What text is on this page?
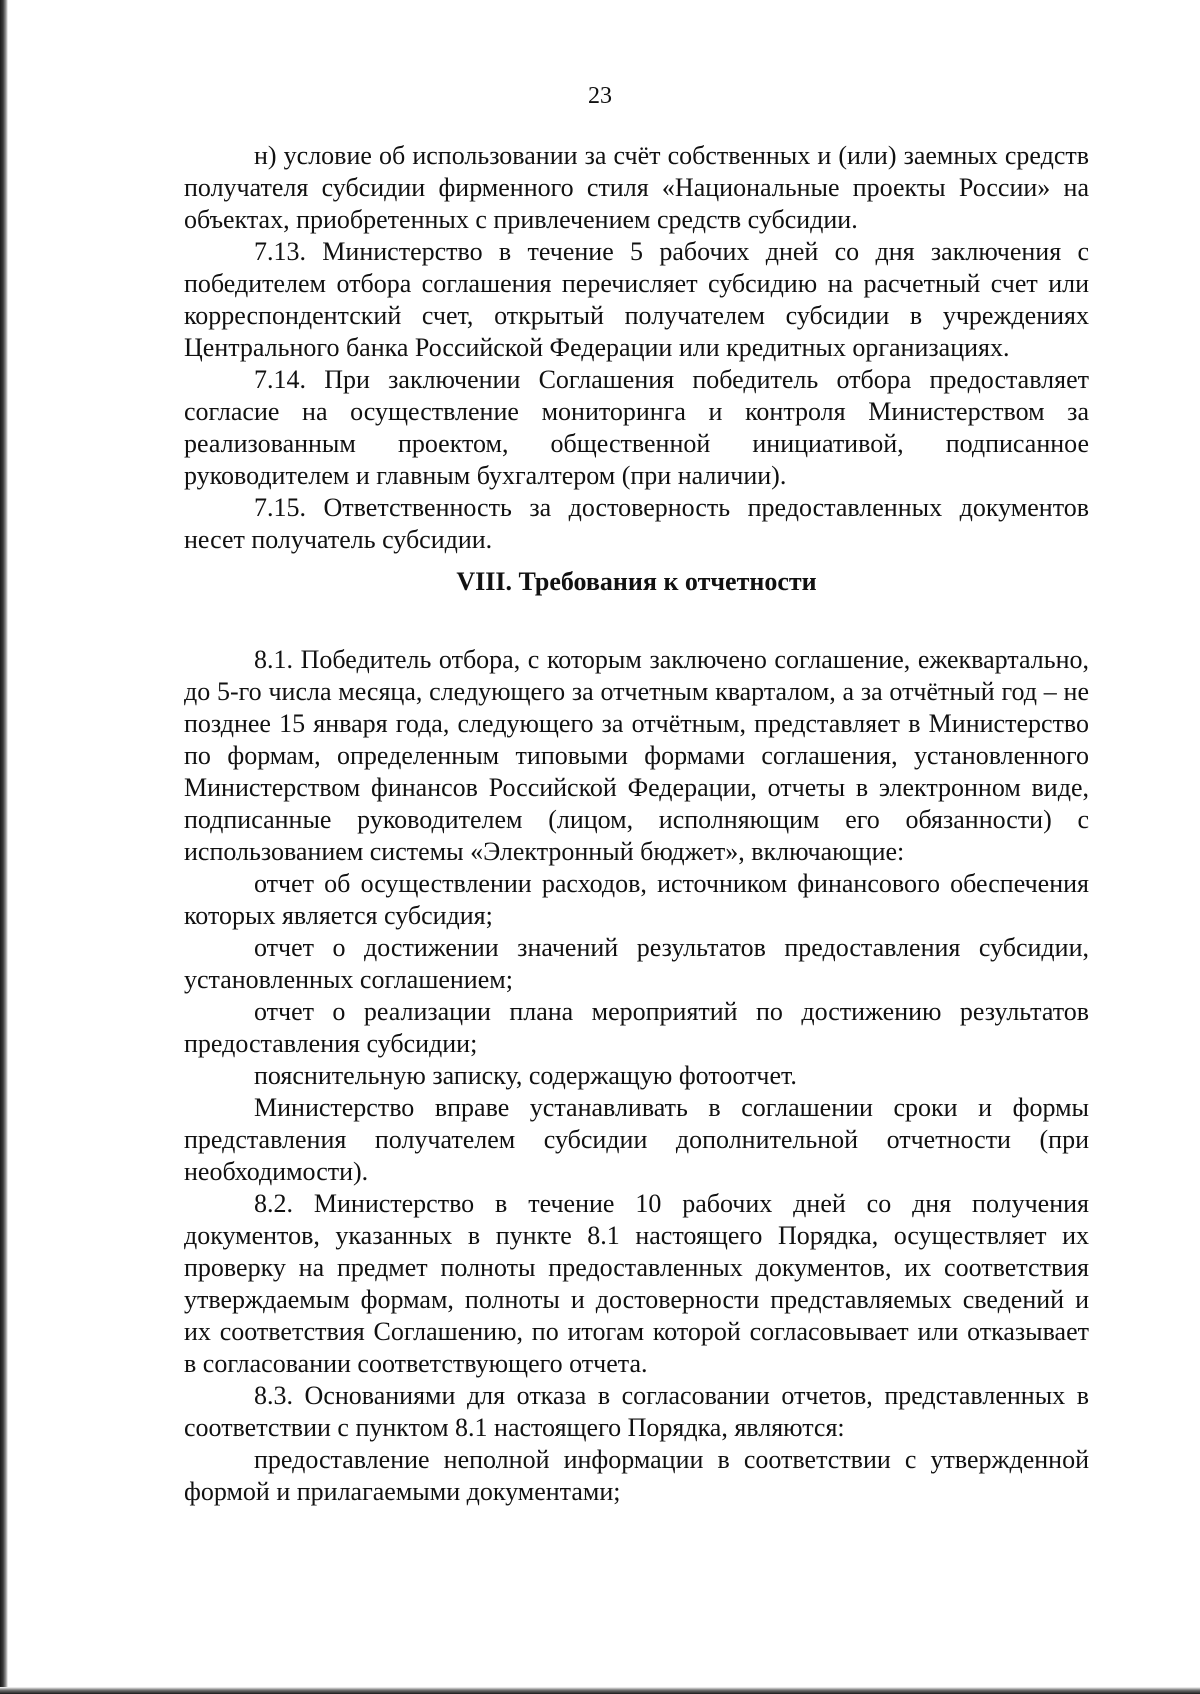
23

н) условие об использовании за счёт собственных и (или) заемных средств получателя субсидии фирменного стиля «Национальные проекты России» на объектах, приобретенных с привлечением средств субсидии.

7.13. Министерство в течение 5 рабочих дней со дня заключения с победителем отбора соглашения перечисляет субсидию на расчетный счет или корреспондентский счет, открытый получателем субсидии в учреждениях Центрального банка Российской Федерации или кредитных организациях.

7.14. При заключении Соглашения победитель отбора предоставляет согласие на осуществление мониторинга и контроля Министерством за реализованным проектом, общественной инициативой, подписанное руководителем и главным бухгалтером (при наличии).

7.15. Ответственность за достоверность предоставленных документов несет получатель субсидии.

VIII. Требования к отчетности

8.1. Победитель отбора, с которым заключено соглашение, ежеквартально, до 5-го числа месяца, следующего за отчетным кварталом, а за отчётный год – не позднее 15 января года, следующего за отчётным, представляет в Министерство по формам, определенным типовыми формами соглашения, установленного Министерством финансов Российской Федерации, отчеты в электронном виде, подписанные руководителем (лицом, исполняющим его обязанности) с использованием системы «Электронный бюджет», включающие:

отчет об осуществлении расходов, источником финансового обеспечения которых является субсидия;

отчет о достижении значений результатов предоставления субсидии, установленных соглашением;

отчет о реализации плана мероприятий по достижению результатов предоставления субсидии;

пояснительную записку, содержащую фотоотчет.

Министерство вправе устанавливать в соглашении сроки и формы представления получателем субсидии дополнительной отчетности (при необходимости).

8.2. Министерство в течение 10 рабочих дней со дня получения документов, указанных в пункте 8.1 настоящего Порядка, осуществляет их проверку на предмет полноты предоставленных документов, их соответствия утверждаемым формам, полноты и достоверности представляемых сведений и их соответствия Соглашению, по итогам которой согласовывает или отказывает в согласовании соответствующего отчета.

8.3. Основаниями для отказа в согласовании отчетов, представленных в соответствии с пунктом 8.1 настоящего Порядка, являются:

предоставление неполной информации в соответствии с утвержденной формой и прилагаемыми документами;
